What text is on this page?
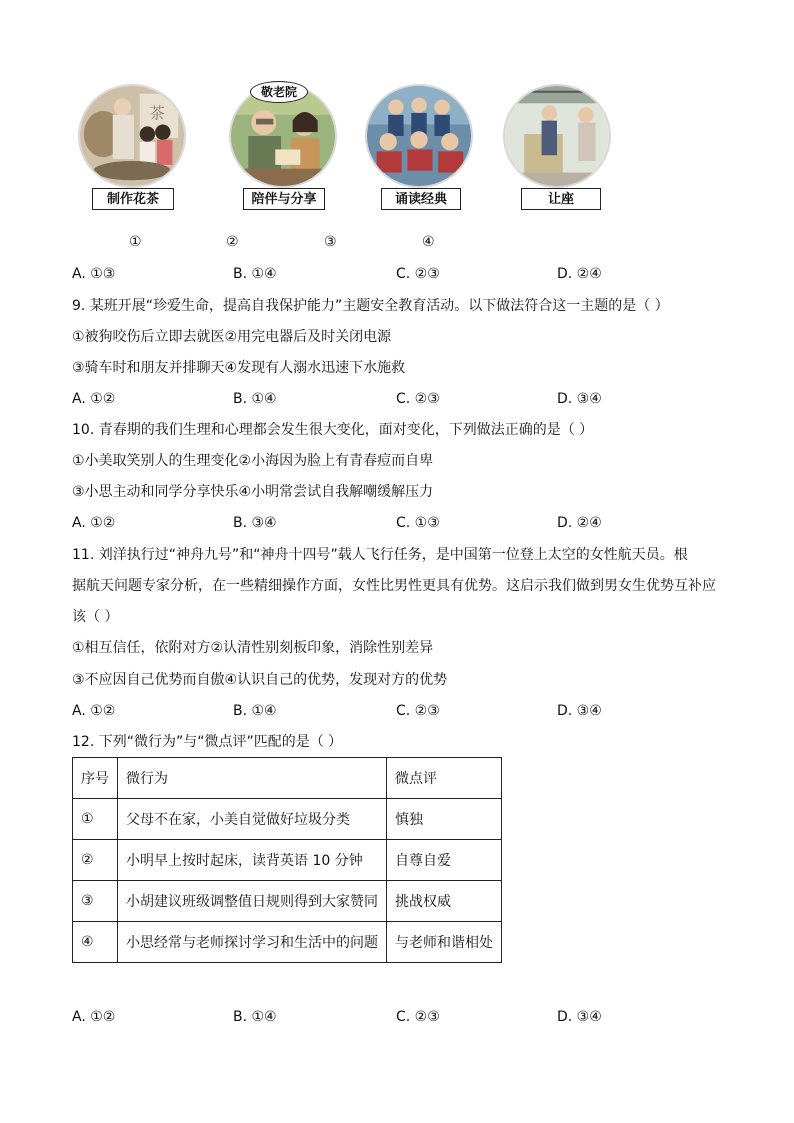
茶
制作花茶
敬老院
陪伴与分享	诵读经典	让座
①	②	③	④
A. ①③	B. ①④	C. ②③	D. ②④
9. 某班开展“珍爱生命，提高自我保护能力”主题安全教育活动。以下做法符合这一主题的是（ ）
①被狗咬伤后立即去就医②用完电器后及时关闭电源
③骑车时和朋友并排聊天④发现有人溺水迅速下水施救
A. ①②	B. ①④	C. ②③	D. ③④
10. 青春期的我们生理和心理都会发生很大变化，面对变化，下列做法正确的是（ ）
①小美取笑别人的生理变化②小海因为脸上有青春痘而自卑
③小思主动和同学分享快乐④小明常尝试自我解嘲缓解压力
A. ①②	B. ③④	C. ①③	D. ②④
11. 刘洋执行过“神舟九号”和“神舟十四号”载人飞行任务，是中国第一位登上太空的女性航天员。根
据航天问题专家分析，在一些精细操作方面，女性比男性更具有优势。这启示我们做到男女生优势互补应
该（ ）
①相互信任，依附对方②认清性别刻板印象，消除性别差异
③不应因自己优势而自傲④认识自己的优势，发现对方的优势
A. ①②	B. ①④	C. ②③	D. ③④
12. 下列“微行为”与“微点评”匹配的是（ ）
序号	微行为	微点评
①	父母不在家，小美自觉做好垃圾分类	慎独
②	小明早上按时起床，读背英语 10 分钟	自尊自爱
③	小胡建议班级调整值日规则得到大家赞同	挑战权威
④	小思经常与老师探讨学习和生活中的问题	与老师和谐相处
A. ①②	B. ①④	C. ②③	D. ③④
